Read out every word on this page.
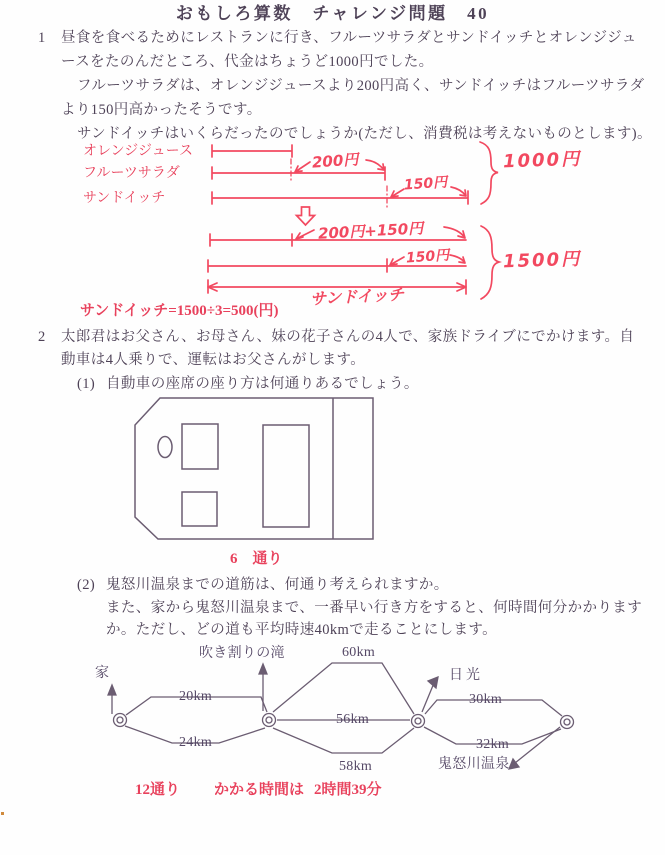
おもしろ算数　チャレンジ問題　40
1 昼食を食べるためにレストランに行き、フルーツサラダとサンドイッチとオレンジジュ
ースをたのんだところ、代金はちょうど1000円でした。
フルーツサラダは、オレンジジュースより200円高く、サンドイッチはフルーツサラダ
より150円高かったそうです。
サンドイッチはいくらだったのでしょうか(ただし、消費税は考えないものとします)。
オレンジジュース
フルーツサラダ
サンドイッチ
200円
150円
1000円
200円+150円
150円	1500円
サンドイッチ
サンドイッチ=1500÷3=500(円)
2 太郎君はお父さん、お母さん、妹の花子さんの4人で、家族ドライブにでかけます。自
動車は4人乗りで、運転はお父さんがします。
(1) 自動車の座席の座り方は何通りあるでしょう。
6　通り
(2) 鬼怒川温泉までの道筋は、何通り考えられますか。
また、家から鬼怒川温泉まで、一番早い行き方をすると、何時間何分かかります
か。ただし、どの道も平均時速40kmで走ることにします。
家
吹き割りの滝	60km
20km
24km
56km
58km
日光
30km
32km
鬼怒川温泉
12通り かかる時間は 2時間39分
